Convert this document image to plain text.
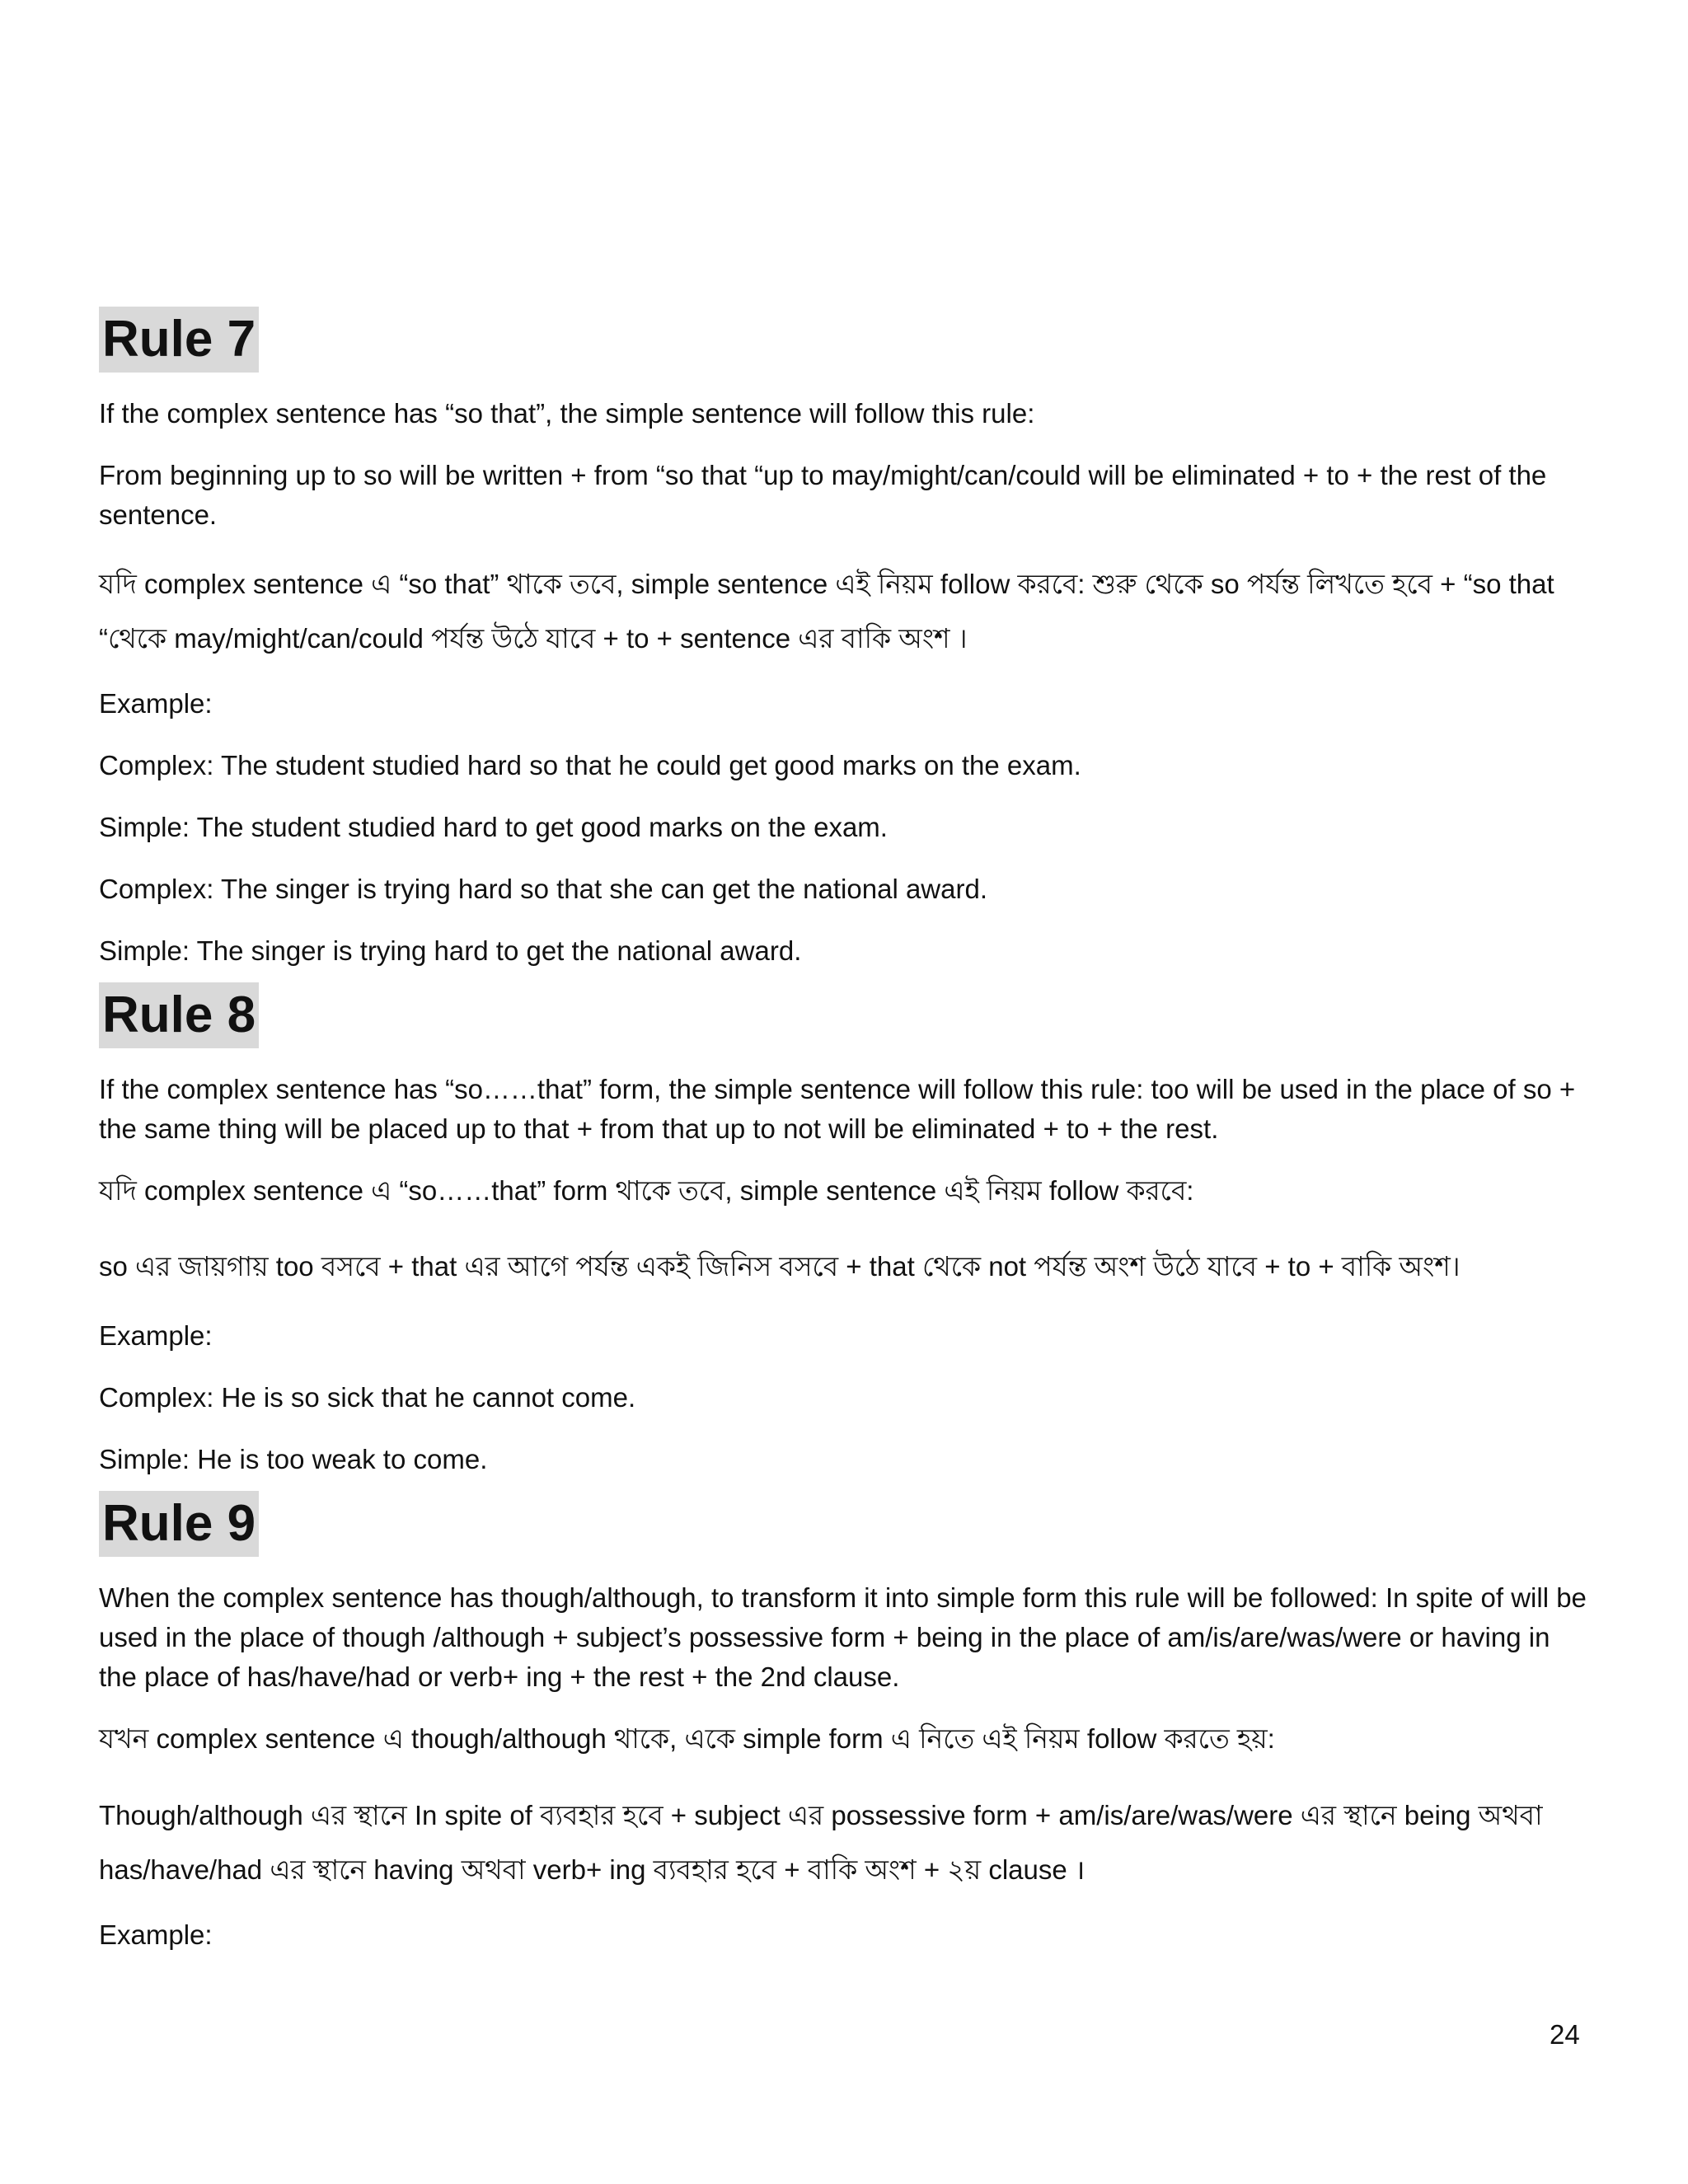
Rule 7

If the complex sentence has “so that”, the simple sentence will follow this rule:

From beginning up to so will be written + from “so that “up to may/might/can/could will be eliminated + to + the rest of the sentence.

যদি complex sentence এ “so that” থাকে তবে, simple sentence এই নিয়ম follow করবে: শুরু থেকে so পর্যন্ত লিখতে হবে + “so that “থেকে may/might/can/could পর্যন্ত উঠে যাবে + to + sentence এর বাকি অংশ ।

Example:

Complex: The student studied hard so that he could get good marks on the exam.

Simple: The student studied hard to get good marks on the exam.

Complex: The singer is trying hard so that she can get the national award.

Simple: The singer is trying hard to get the national award.

Rule 8

If the complex sentence has “so……that” form, the simple sentence will follow this rule: too will be used in the place of so + the same thing will be placed up to that + from that up to not will be eliminated + to + the rest.

যদি complex sentence এ “so……that” form থাকে তবে, simple sentence এই নিয়ম follow করবে:

so এর জায়গায় too বসবে + that এর আগে পর্যন্ত একই জিনিস বসবে + that থেকে not পর্যন্ত অংশ উঠে যাবে + to + বাকি অংশ।

Example:

Complex: He is so sick that he cannot come.

Simple: He is too weak to come.

Rule 9

When the complex sentence has though/although, to transform it into simple form this rule will be followed: In spite of will be used in the place of though /although + subject’s possessive form + being in the place of am/is/are/was/were or having in the place of has/have/had or verb+ ing + the rest + the 2nd clause.

যখন complex sentence এ though/although থাকে, একে simple form এ নিতে এই নিয়ম follow করতে হয়:

Though/although এর স্থানে In spite of ব্যবহার হবে + subject এর possessive form + am/is/are/was/were এর স্থানে being অথবা has/have/had এর স্থানে having অথবা verb+ ing ব্যবহার হবে + বাকি অংশ + ২য় clause ।

Example:

24
